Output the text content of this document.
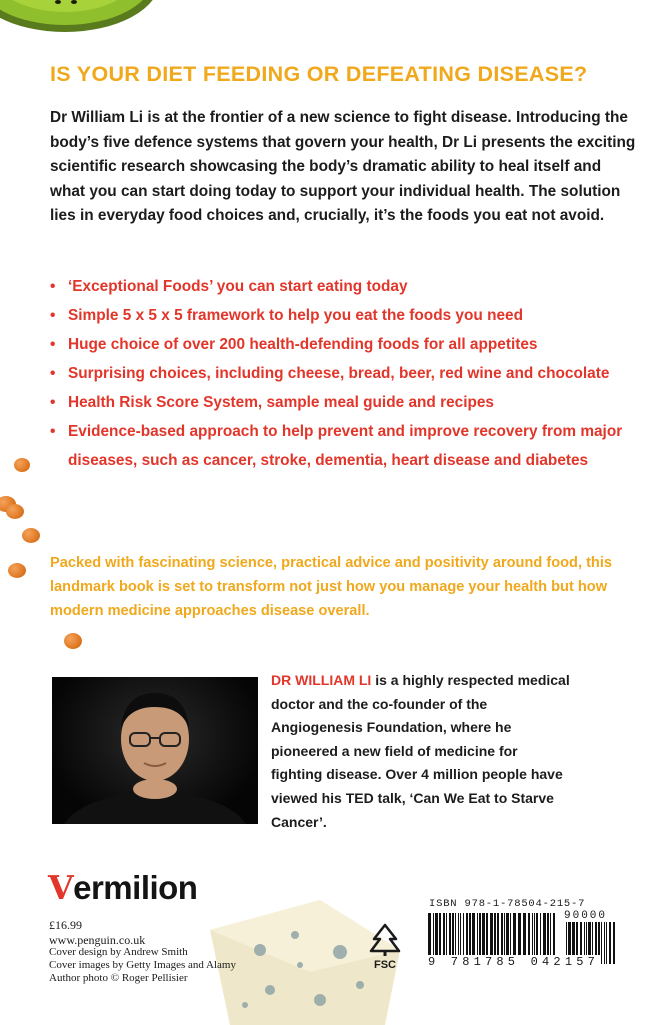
IS YOUR DIET FEEDING OR DEFEATING DISEASE?
Dr William Li is at the frontier of a new science to fight disease. Introducing the body’s five defence systems that govern your health, Dr Li presents the exciting scientific research showcasing the body’s dramatic ability to heal itself and what you can start doing today to support your individual health. The solution lies in everyday food choices and, crucially, it’s the foods you eat not avoid.
• ‘Exceptional Foods’ you can start eating today
• Simple 5 x 5 x 5 framework to help you eat the foods you need
• Huge choice of over 200 health-defending foods for all appetites
• Surprising choices, including cheese, bread, beer, red wine and chocolate
• Health Risk Score System, sample meal guide and recipes
• Evidence-based approach to help prevent and improve recovery from major diseases, such as cancer, stroke, dementia, heart disease and diabetes
Packed with fascinating science, practical advice and positivity around food, this landmark book is set to transform not just how you manage your health but how modern medicine approaches disease overall.
DR WILLIAM LI is a highly respected medical doctor and the co-founder of the Angiogenesis Foundation, where he pioneered a new field of medicine for fighting disease. Over 4 million people have viewed his TED talk, ‘Can We Eat to Starve Cancer’.
Vermilion
£16.99
www.penguin.co.uk
Cover design by Andrew Smith
Cover images by Getty Images and Alamy
Author photo © Roger Pellisier
FSC
ISBN 978-1-78504-215-7
90000
9 781785 042157
